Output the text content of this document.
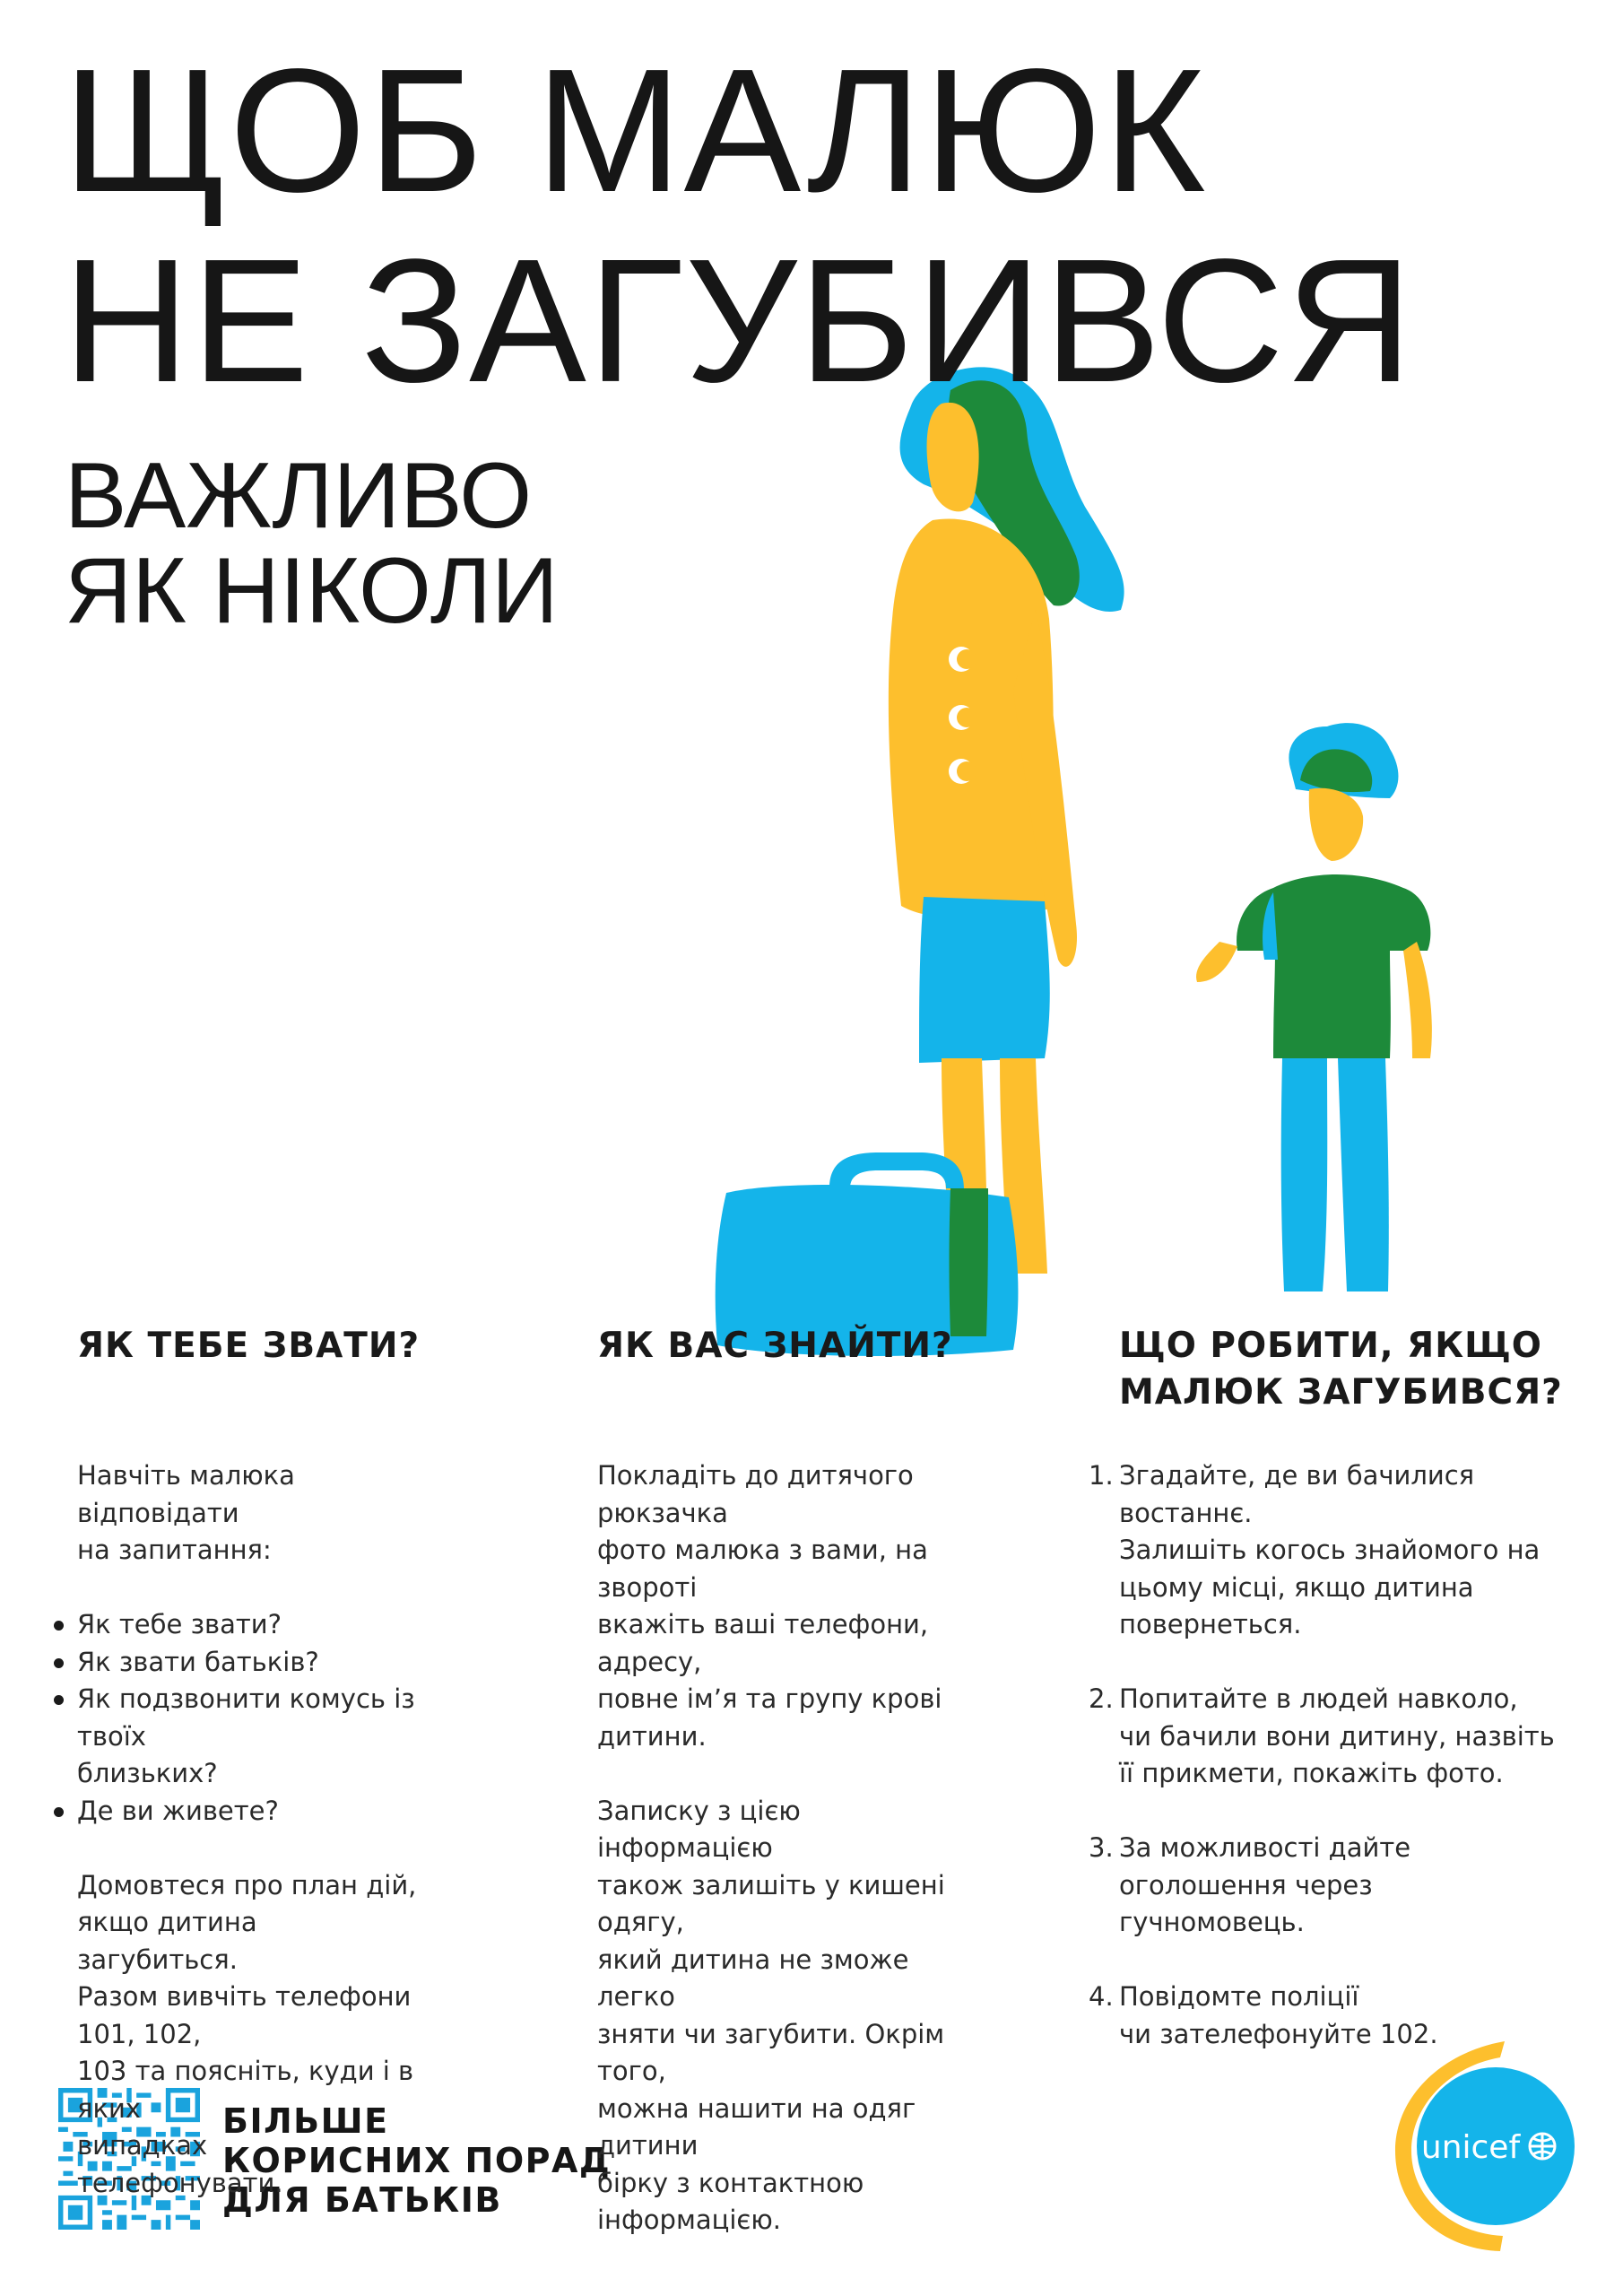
ЩОБ МАЛЮК
НЕ ЗАГУБИВСЯ
ВАЖЛИВО
ЯК НІКОЛИ
ЯК ТЕБЕ ЗВАТИ?

Навчіть малюка відповідати
на запитання:

Як тебе звати?
Як звати батьків?
Як подзвонити комусь із твоїх
близьких?
Де ви живете?

Домовтеся про план дій,
якщо дитина загубиться.
Разом вивчіть телефони 101, 102,
103 та поясніть, куди і в яких
випадках телефонувати.

ЯК ВАС ЗНАЙТИ?

Покладіть до дитячого рюкзачка
фото малюка з вами, на звороті
вкажіть ваші телефони, адресу,
повне ім’я та групу крові дитини.

Записку з цією інформацією
також залишіть у кишені одягу,
який дитина не зможе легко
зняти чи загубити. Окрім того,
можна нашити на одяг дитини
бірку з контактною інформацією.

ЩО РОБИТИ, ЯКЩО
МАЛЮК ЗАГУБИВСЯ?
1. Згадайте, де ви бачилися востаннє.
Залишіть когось знайомого на
цьому місці, якщо дитина
повернеться.
2. Попитайте в людей навколо,
чи бачили вони дитину, назвіть
її прикмети, покажіть фото.
3. За можливості дайте
оголошення через гучномовець.
4. Повідомте поліції
чи зателефонуйте 102.
БІЛЬШЕ
КОРИСНИХ ПОРАД
ДЛЯ БАТЬКІВ
unicef
